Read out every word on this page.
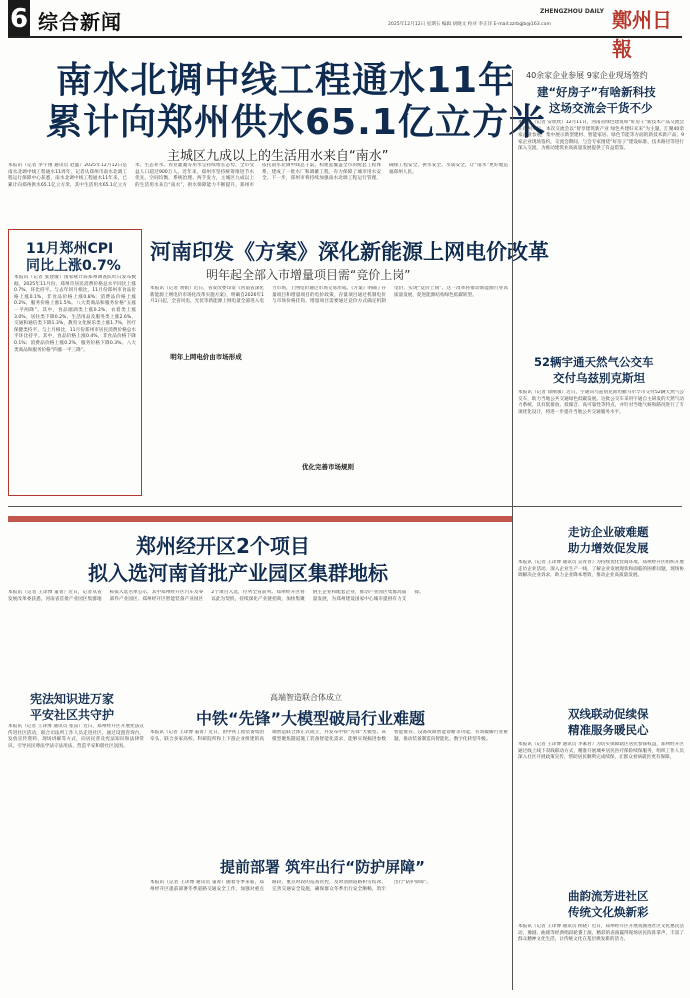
6 综合新闻	ZHENGZHOU DAILY 鄭州日報
2025年12月12日 星期五 编辑 胡晓文 校对 李正洋 E-mail:zzrbgjb@163.com
南水北调中线工程通水11年
累计向郑州供水65.1亿立方米
主城区九成以上的生活用水来自“南水”
本报讯（记者 李宇翔 通讯员 赵鑫）2025年12月12日是南水北调中线工程通水11周年，记者从郑州市南水北调工程运行保障中心获悉，南水北调中线工程通水11年来，已累计向郑州供水65.1亿立方米，其中生活用水65.1亿立方米，生态补水、农业灌溉等用水呈持续增长态势，全市受益人口超过900万人。近年来，郑州市坚持统筹推进节水优先、空间均衡、系统治理、两手发力，主城区九成以上的生活用水来自“南水”，供水保障能力不断提升。郑州市依托南水北调中线总干渠，构建起覆盖全市的配套工程体系，建成了一批水厂和调蓄工程，有力保障了城市用水安全。下一步，郑州市将持续加强南水北调工程运行管理，确保工程安全、供水安全、水质安全，让“南水”更好地造福郑州人民。
11月郑州CPI
同比上涨0.7%
本报讯（记者 张建敏）国家统计局郑州调查队昨日发布数据，2025年11月份，郑州市居民消费价格总水平同比上涨0.7%，环比持平。与去年同月相比，11月份郑州市食品价格上涨0.1%，非食品价格上涨0.8%；消费品价格上涨0.2%，服务价格上涨1.5%。八大类商品和服务价格“五涨一平两降”。其中，食品烟酒类上涨0.2%，衣着类上涨3.0%，居住类下降0.2%，生活用品及服务类上涨2.6%，交通和通信类下降1.3%，教育文化娱乐类上涨1.7%，医疗保健类持平。与上月相比，11月份郑州市居民消费价格总水平环比持平。其中，食品价格上涨0.4%，非食品价格下降0.1%；消费品价格上涨0.2%，服务价格下降0.3%。八大类商品和服务价格“四涨一平三降”。
河南印发《方案》深化新能源上网电价改革
明年起全部入市增量项目需“竞价上岗”
本报讯（记者 黄娟）近日，省发改委印发《河南省深化新能源上网电价市场化改革实施方案》，明确自2026年1月1日起，全省风电、光伏等新能源上网电量全部进入电力市场，上网电价通过市场交易形成。《方案》明确了存量项目和增量项目的电价政策，存量项目通过机制电价与市场价格挂钩，增量项目需要通过竞价方式确定机制电价，实现“竞价上岗”。这一改革将推动新能源行业高质量发展，促进能源结构绿色低碳转型。
明年上网电价由市场形成
优化完善市场规则
40余家企业参展 9家企业现场签约
建“好房子”有啥新科技
这场交流会干货不少
本报讯（记者 安欣欣）12月11日，河南省绿色建筑和“好房子”新技术产品交流会在郑州举行。本次交流会以“智享建筑新产业 绿色共建好未来”为主题，汇聚40余家企业参展，集中展示新型建材、智能家居、绿色节能等方面的新技术新产品，9家企业现场签约。交流会期间，与会专家围绕“好房子”建设标准、技术路径等进行深入交流，为推动建筑业高质量发展提供了有益借鉴。
52辆宇通天然气公交车
交付乌兹别克斯坦
本报讯（记者 徐刚领）近日，宇通向乌兹别克斯坦撒马尔罕市交付52辆天然气公交车，助力当地公共交通绿色低碳发展。这批公交车采用宇通自主研发的天然气动力系统，具有低排放、低噪音、高可靠性等特点，并针对当地气候和路况进行了专项优化设计，将进一步提升当地公共交通服务水平。
走访企业破难题
助力增效促发展
本报讯（记者 王译博 通讯员 吴青青）为持续优化营商环境，郑州经开区组织开展走访企业活动，深入企业生产一线，了解企业发展现状和面临的困难问题，现场协调解决企业诉求，助力企业降本增效，推动企业高质量发展。
双线联动促续保
精准服务暖民心
本报讯（记者 王译博 通讯员 李素君）为切实保障辖区居民参保权益，郑州经开区通过线上线下双线联动方式，精准开展城乡居民医疗保险续保服务，组织工作人员深入社区开展政策宣传，帮助居民顺利完成续保，让群众看病就医更有保障。
曲韵流芳进社区
传统文化焕新彩
本报讯（记者 王译博 通讯员 侯晓）近日，郑州经开区开展戏曲进社区文化惠民活动，豫剧、曲剧等经典唱段轮番上演，精彩的表演赢得现场居民阵阵掌声，丰富了群众精神文化生活，让传统文化在基层焕发新的活力。
郑州经开区2个项目
拟入选河南首批产业园区集群地标
本报讯（记者 王译博 董菁）近日，记者从省发展改革委获悉，河南省首批产业园区集群地标拟入选名单公示，其中郑州经开区汽车及零部件产业园区、郑州经开区智能装备产业园区2个项目入选，位列全省前列。郑州经开区将以此为契机，持续深化产业链招商，加快集聚链主企业和配套企业，推动产业园区集群高质量发展，为郑州建设国家中心城市提供有力支撑。
宪法知识进万家
平安社区共守护
本报讯（记者 王译博 通讯员 张雷）近日，郑州经开区开展宪法宣传进社区活动，联合司法所工作人员走进社区，通过设置咨询台、发放宣传资料、现场讲解等方式，向居民普及宪法知识和法律常识，引导居民尊法学法守法用法，营造平安和谐社区氛围。
高端智造联合体成立
中铁“先锋”大模型破局行业难题
本报讯（记者 王译博 董菁）近日，由中铁工程装备集团牵头，联合多家高校、科研院所和上下游企业组建的高端智造联合体正式成立，并发布中铁“先锋”大模型。该模型聚焦隧道施工装备智能化需求，能够实现掘进参数智能推荐、设备故障智能诊断等功能，有效破解行业难题，推动装备制造向智能化、数字化转型升级。
提前部署 筑牢出行“防护屏障”
本报讯（记者 王译博 通讯员 董菁）随着冬季来临，郑州经开区提前部署冬季道路交通安全工作，加强对重点路段、重点时段的巡查管控，及时清除道路积雪结冰，完善交通安全设施，确保群众冬季出行安全顺畅，筑牢出行“防护屏障”。
